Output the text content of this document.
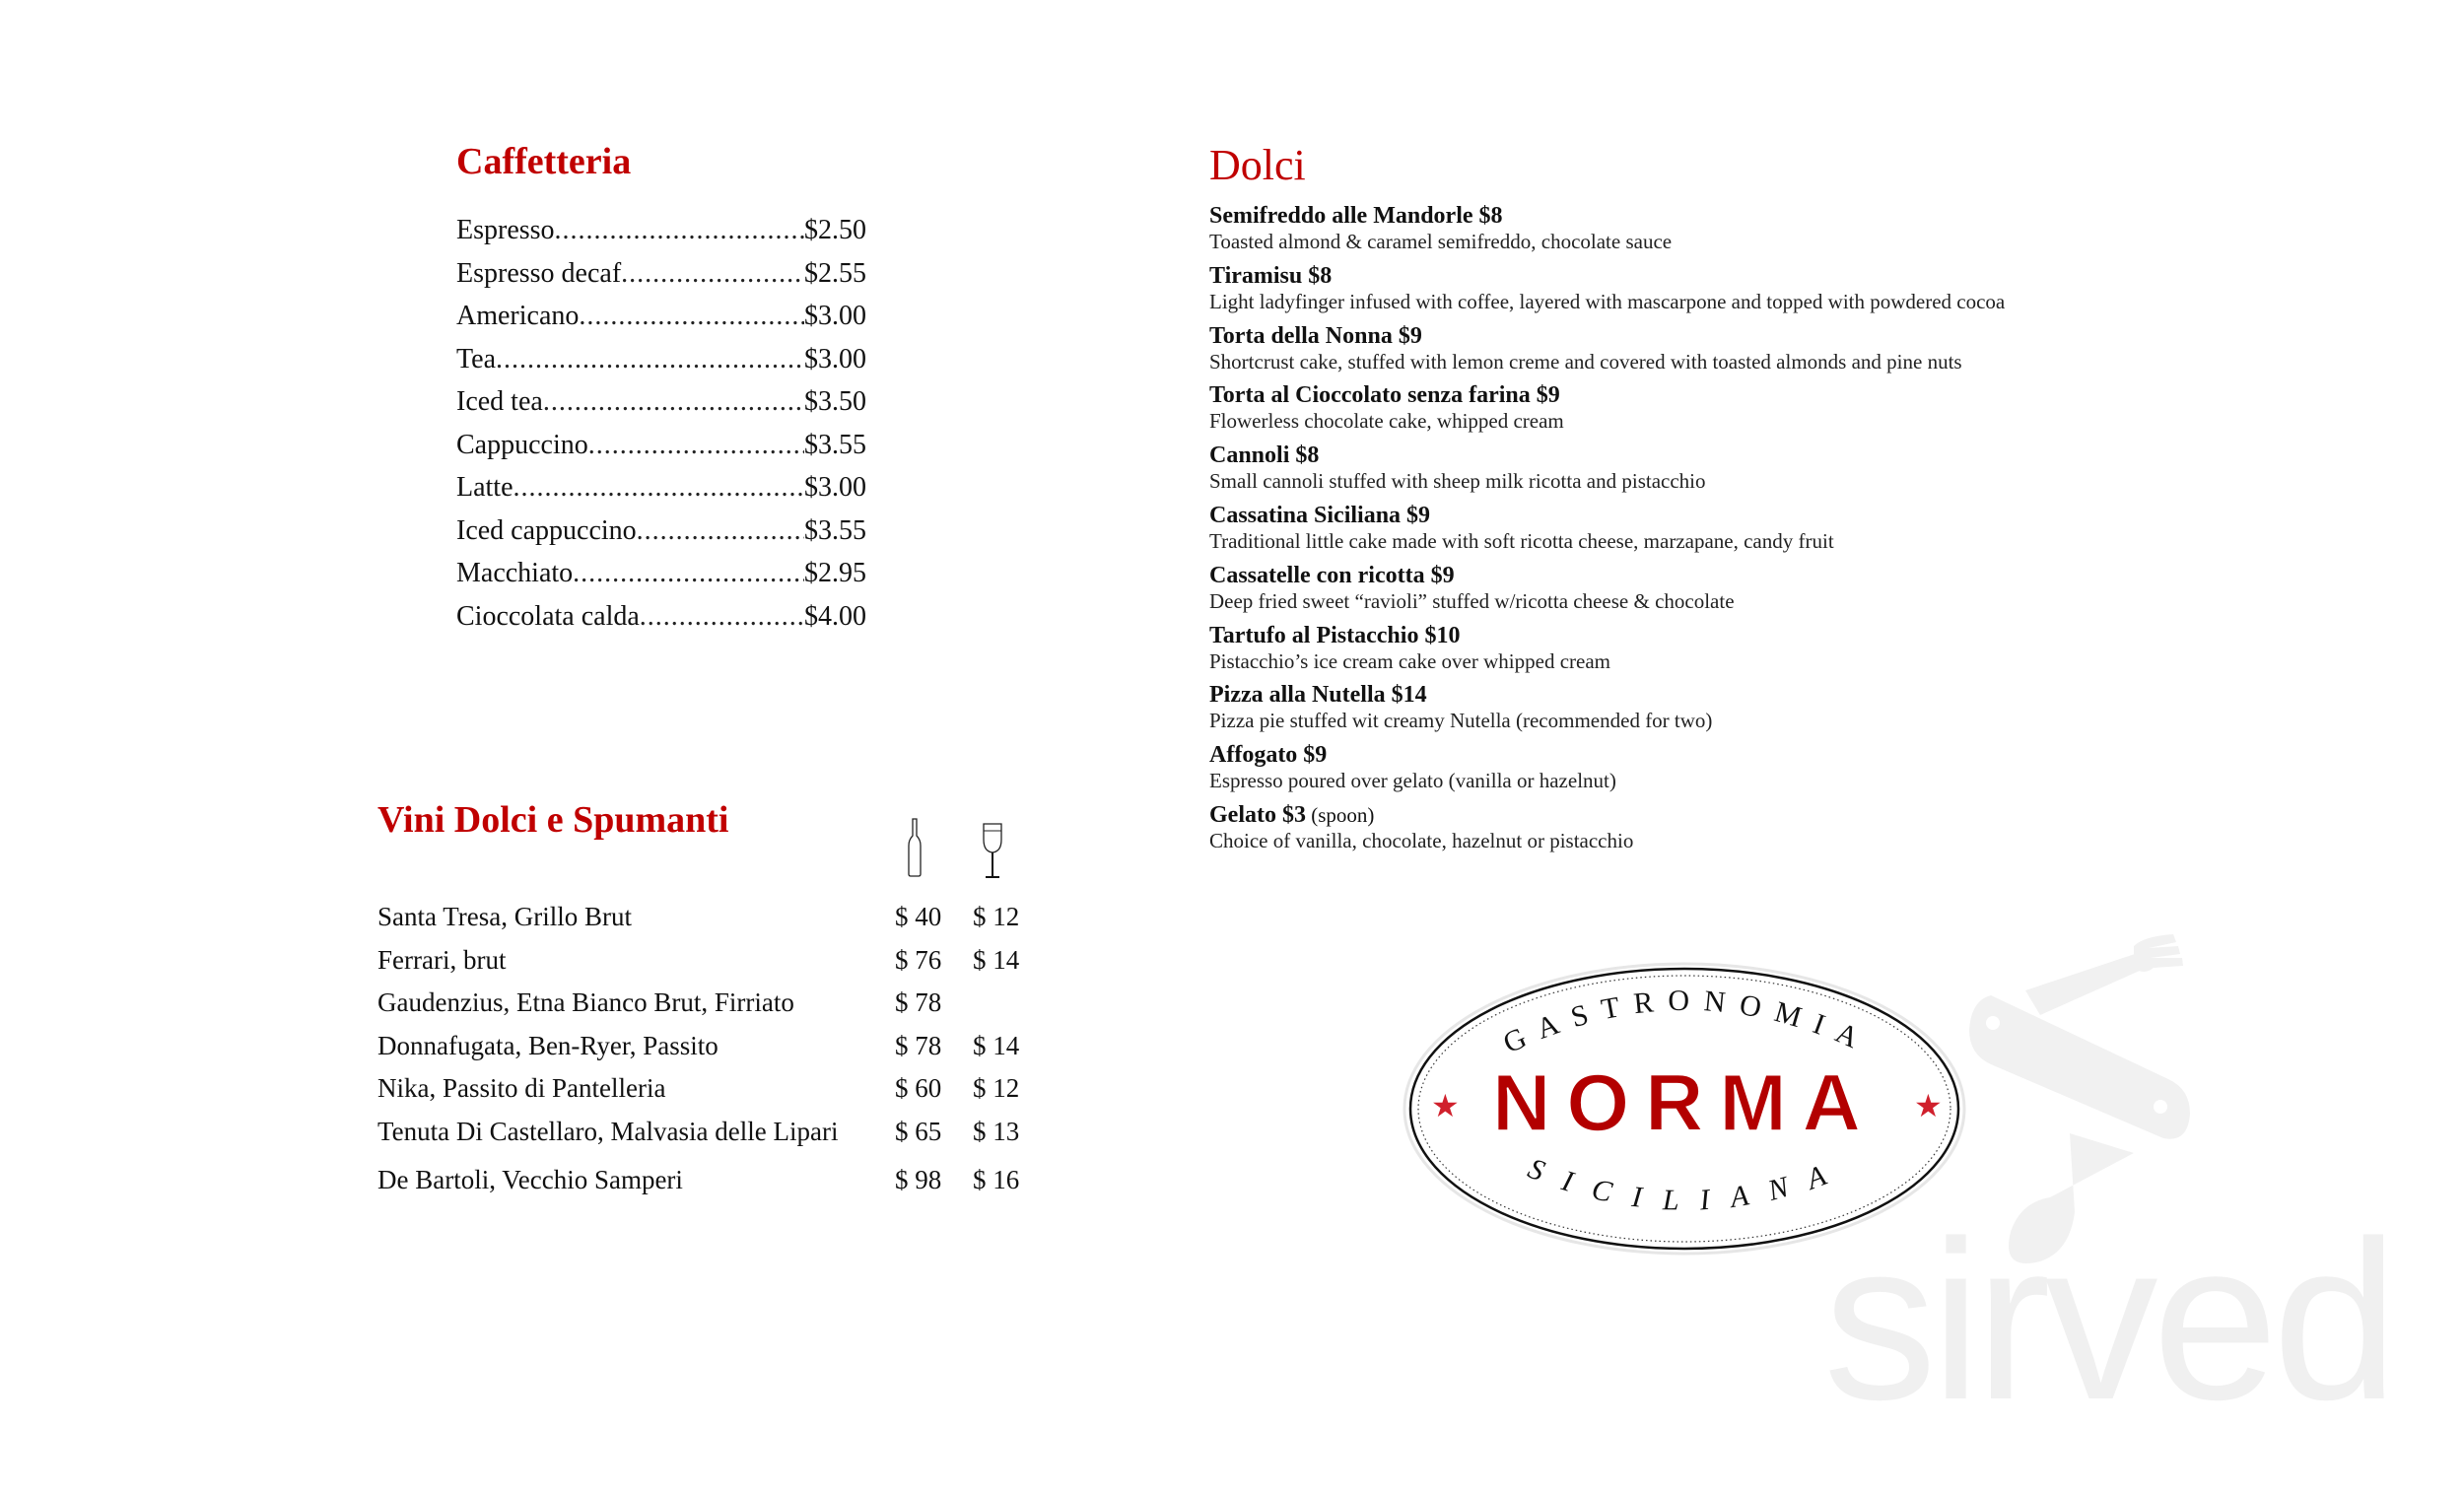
Caffetteria
Espresso .....	$2.50
Espresso decaf .....	$2.55
Americano .....	$3.00
Tea .....	$3.00
Iced tea .....	$3.50
Cappuccino .....	$3.55
Latte .....	$3.00
Iced cappuccino .....	$3.55
Macchiato .....	$2.95
Cioccolata calda .....	$4.00
Vini Dolci e Spumanti
Santa Tresa, Grillo Brut	$ 40 $ 12
Ferrari, brut	$ 76 $ 14
Gaudenzius, Etna Bianco Brut, Firriato	$ 78
Donnafugata, Ben-Ryer, Passito	$ 78 $ 14
Nika, Passito di Pantelleria	$ 60 $ 12
Tenuta Di Castellaro, Malvasia delle Lipari $ 65 $ 13
De Bartoli, Vecchio Samperi	$ 98 $ 16
Dolci
Semifreddo alle Mandorle $8
Toasted almond & caramel semifreddo, chocolate sauce
Tiramisu $8
Light ladyfinger infused with coffee, layered with mascarpone and topped with powdered cocoa
Torta della Nonna $9
Shortcrust cake, stuffed with lemon creme and covered with toasted almonds and pine nuts
Torta al Cioccolato senza farina $9
Flowerless chocolate cake, whipped cream
Cannoli $8
Small cannoli stuffed with sheep milk ricotta and pistacchio
Cassatina Siciliana $9
Traditional little cake made with soft ricotta cheese, marzapane, candy fruit
Cassatelle con ricotta $9
Deep fried sweet “ravioli” stuffed w/ricotta cheese & chocolate
Tartufo al Pistacchio $10
Pistacchio’s ice cream cake over whipped cream
Pizza alla Nutella $14
Pizza pie stuffed wit creamy Nutella (recommended for two)
Affogato $9
Espresso poured over gelato (vanilla or hazelnut)
Gelato $3 (spoon)
Choice of vanilla, chocolate, hazelnut or pistacchio
sirved
GASTRONOMIA
SICILIANA
NORMA
★	★
